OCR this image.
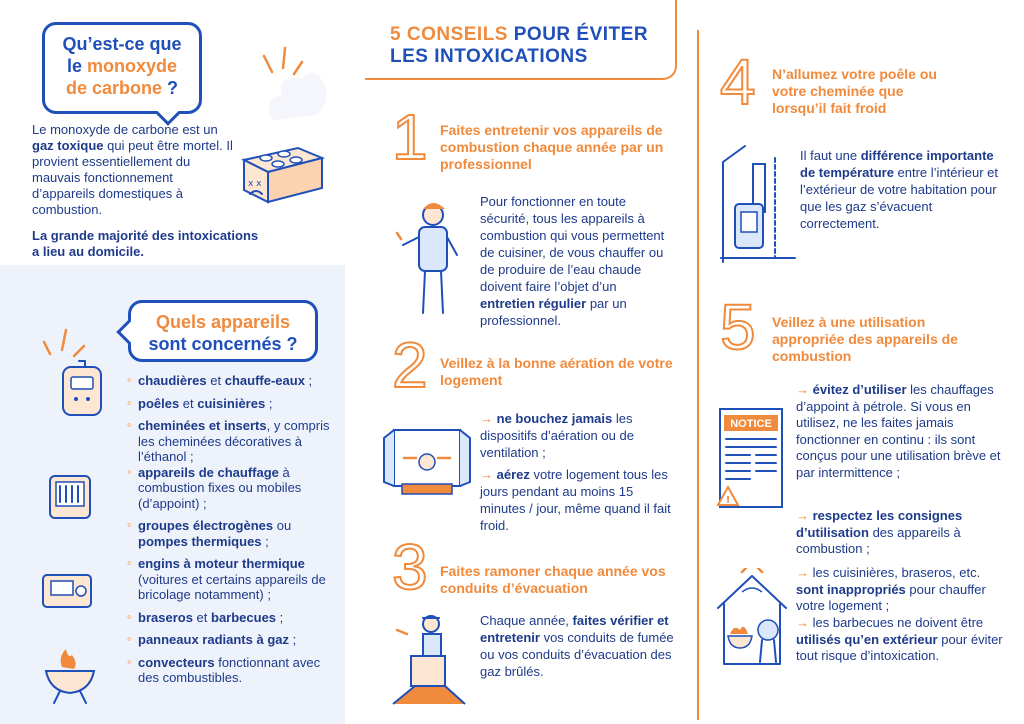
Qu’est-ce que
le monoxyde
de carbone ?
Le monoxyde de carbone est un gaz toxique qui peut être mortel. Il provient essentiellement du mauvais fonctionnement d’appareils domestiques à combustion.
La grande majorité des intoxications a lieu au domicile.
x x
Quels appareils
sont concernés ?
◦ chaudières et chauffe-eaux ;
◦ poêles et cuisinières ;
◦ cheminées et inserts, y compris les cheminées décoratives à l’éthanol ;
◦ appareils de chauffage à combustion fixes ou mobiles (d’appoint) ;
◦ groupes électrogènes ou pompes thermiques ;
◦ engins à moteur thermique (voitures et certains appareils de bricolage notamment) ;
◦ braseros et barbecues ;
◦ panneaux radiants à gaz ;
◦ convecteurs fonctionnant avec des combustibles.
5 CONSEILS POUR ÉVITER
LES INTOXICATIONS
1 Faites entretenir vos appareils de combustion chaque année par un professionnel
Pour fonctionner en toute sécurité, tous les appareils à combustion qui vous permettent de cuisiner, de vous chauffer ou de produire de l’eau chaude doivent faire l’objet d’un entretien régulier par un professionnel.
2 Veillez à la bonne aération de votre logement
→ ne bouchez jamais les dispositifs d’aération ou de ventilation ;
→ aérez votre logement tous les jours pendant au moins 15 minutes / jour, même quand il fait froid.
3 Faites ramoner chaque année vos conduits d’évacuation
Chaque année, faites vérifier et entretenir vos conduits de fumée ou vos conduits d’évacuation des gaz brûlés.
4 N’allumez votre poêle ou votre cheminée que lorsqu’il fait froid
Il faut une différence importante de température entre l’intérieur et l’extérieur de votre habitation pour que les gaz s’évacuent correctement.
5 Veillez à une utilisation appropriée des appareils de combustion
NOTICE
!
→ évitez d’utiliser les chauffages d’appoint à pétrole. Si vous en utilisez, ne les faites jamais fonctionner en continu : ils sont conçus pour une utilisation brève et par intermittence ;
→ respectez les consignes d’utilisation des appareils à combustion ;
→ les cuisinières, braseros, etc. sont inappropriés pour chauffer votre logement ;
→ les barbecues ne doivent être utilisés qu’en extérieur pour éviter tout risque d’intoxication.
